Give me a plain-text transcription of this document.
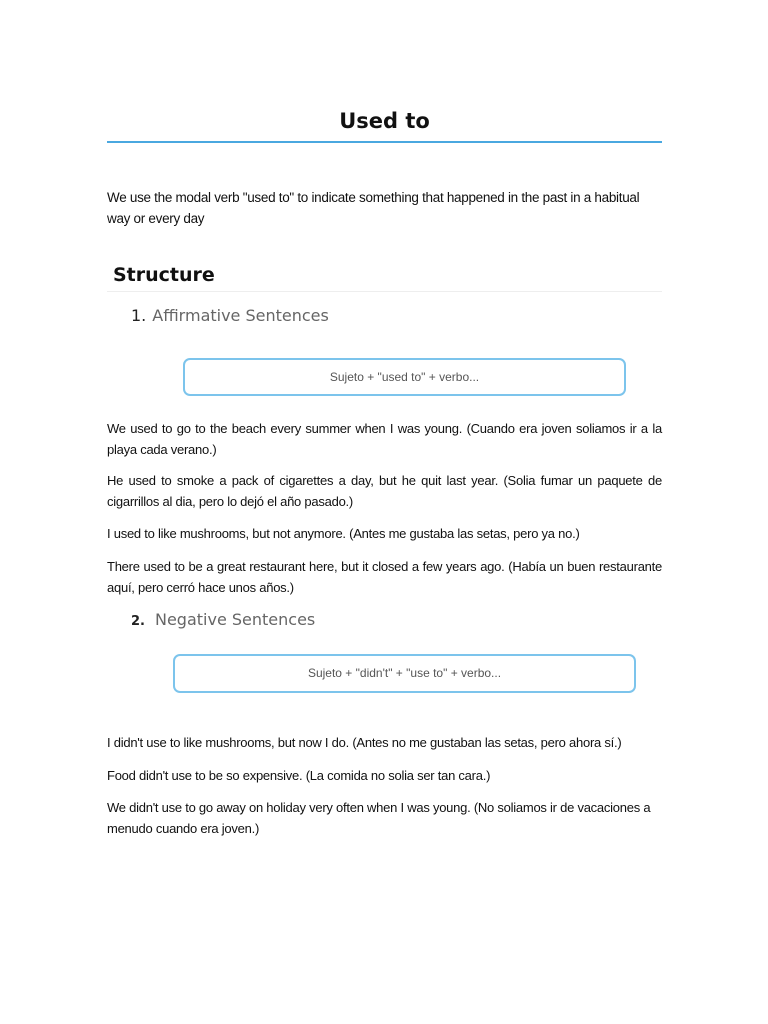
Used to

We use the modal verb "used to" to indicate something that happened in the past in a habitual way or every day

Structure
1. Affirmative Sentences
Sujeto + "used to" + verbo...

We used to go to the beach every summer when I was young. (Cuando era joven soliamos ir a la playa cada verano.)

He used to smoke a pack of cigarettes a day, but he quit last year. (Solia fumar un paquete de cigarrillos al dia, pero lo dejó el año pasado.)

I used to like mushrooms, but not anymore. (Antes me gustaba las setas, pero ya no.)

There used to be a great restaurant here, but it closed a few years ago. (Había un buen restaurante aquí, pero cerró hace unos años.)

2. Negative Sentences
Sujeto + "didn't" + "use to" + verbo...

I didn't use to like mushrooms, but now I do. (Antes no me gustaban las setas, pero ahora sí.)

Food didn't use to be so expensive. (La comida no solia ser tan cara.)

We didn't use to go away on holiday very often when I was young. (No soliamos ir de vacaciones a menudo cuando era joven.)
